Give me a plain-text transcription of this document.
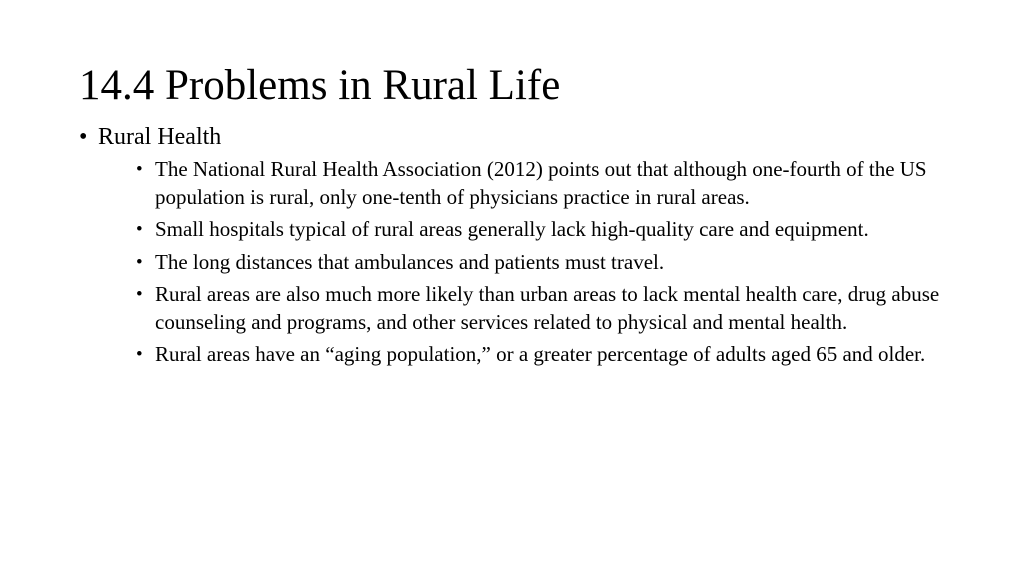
14.4 Problems in Rural Life
• Rural Health
• The National Rural Health Association (2012) points out that although one-fourth of the US population is rural, only one-tenth of physicians practice in rural areas.
• Small hospitals typical of rural areas generally lack high-quality care and equipment.
• The long distances that ambulances and patients must travel.
• Rural areas are also much more likely than urban areas to lack mental health care, drug abuse counseling and programs, and other services related to physical and mental health.
• Rural areas have an “aging population,” or a greater percentage of adults aged 65 and older.
